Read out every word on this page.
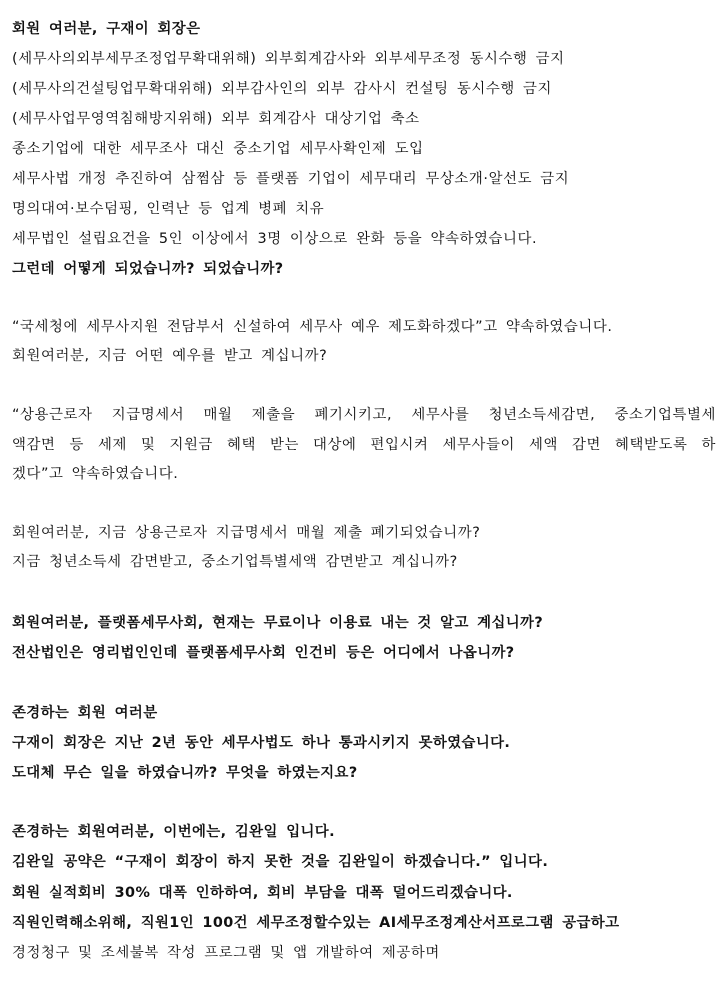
회원 여러분, 구재이 회장은
(세무사의외부세무조정업무확대위해) 외부회계감사와 외부세무조정 동시수행 금지
(세무사의건설팅업무확대위해) 외부감사인의 외부 감사시 컨설팅 동시수행 금지
(세무사업무영역침해방지위해) 외부 회계감사 대상기업 축소
종소기업에 대한 세무조사 대신 중소기업 세무사확인제 도입
세무사법 개정 추진하여 삼쩜삼 등 플랫폼 기업이 세무대리 무상소개·알선도 금지
명의대여·보수덤핑, 인력난 등 업계 병폐 치유
세무법인 설립요건을 5인 이상에서 3명 이상으로 완화 등을 약속하였습니다.
그런데 어떻게 되었습니까? 되었습니까?
“국세청에 세무사지원 전담부서 신설하여 세무사 예우 제도화하겠다”고 약속하였습니다.
회원여러분, 지금 어떤 예우를 받고 계십니까?
“상용근로자 지급명세서 매월 제출을 폐기시키고, 세무사를 청년소득세감면, 중소기업특별세
액감면 등 세제 및 지원금 혜택 받는 대상에 편입시켜 세무사들이 세액 감면 혜택받도록 하
겠다”고 약속하였습니다.
회원여러분, 지금 상용근로자 지급명세서 매월 제출 폐기되었습니까?
지금 청년소득세 감면받고, 중소기업특별세액 감면받고 계십니까?
회원여러분, 플랫폼세무사회, 현재는 무료이나 이용료 내는 것 알고 계십니까?
전산법인은 영리법인인데 플랫폼세무사회 인건비 등은 어디에서 나옵니까?
존경하는 회원 여러분
구재이 회장은 지난 2년 동안 세무사법도 하나 통과시키지 못하였습니다.
도대체 무슨 일을 하였습니까? 무엇을 하였는지요?
존경하는 회원여러분, 이번에는, 김완일 입니다.
김완일 공약은 “구재이 회장이 하지 못한 것을 김완일이 하겠습니다.” 입니다.
회원 실적회비 30% 대폭 인하하여, 회비 부담을 대폭 덜어드리겠습니다.
직원인력해소위해, 직원1인 100건 세무조정할수있는 AI세무조정계산서프로그램 공급하고
경정청구 및 조세불복 작성 프로그램 및 앱 개발하여 제공하며
